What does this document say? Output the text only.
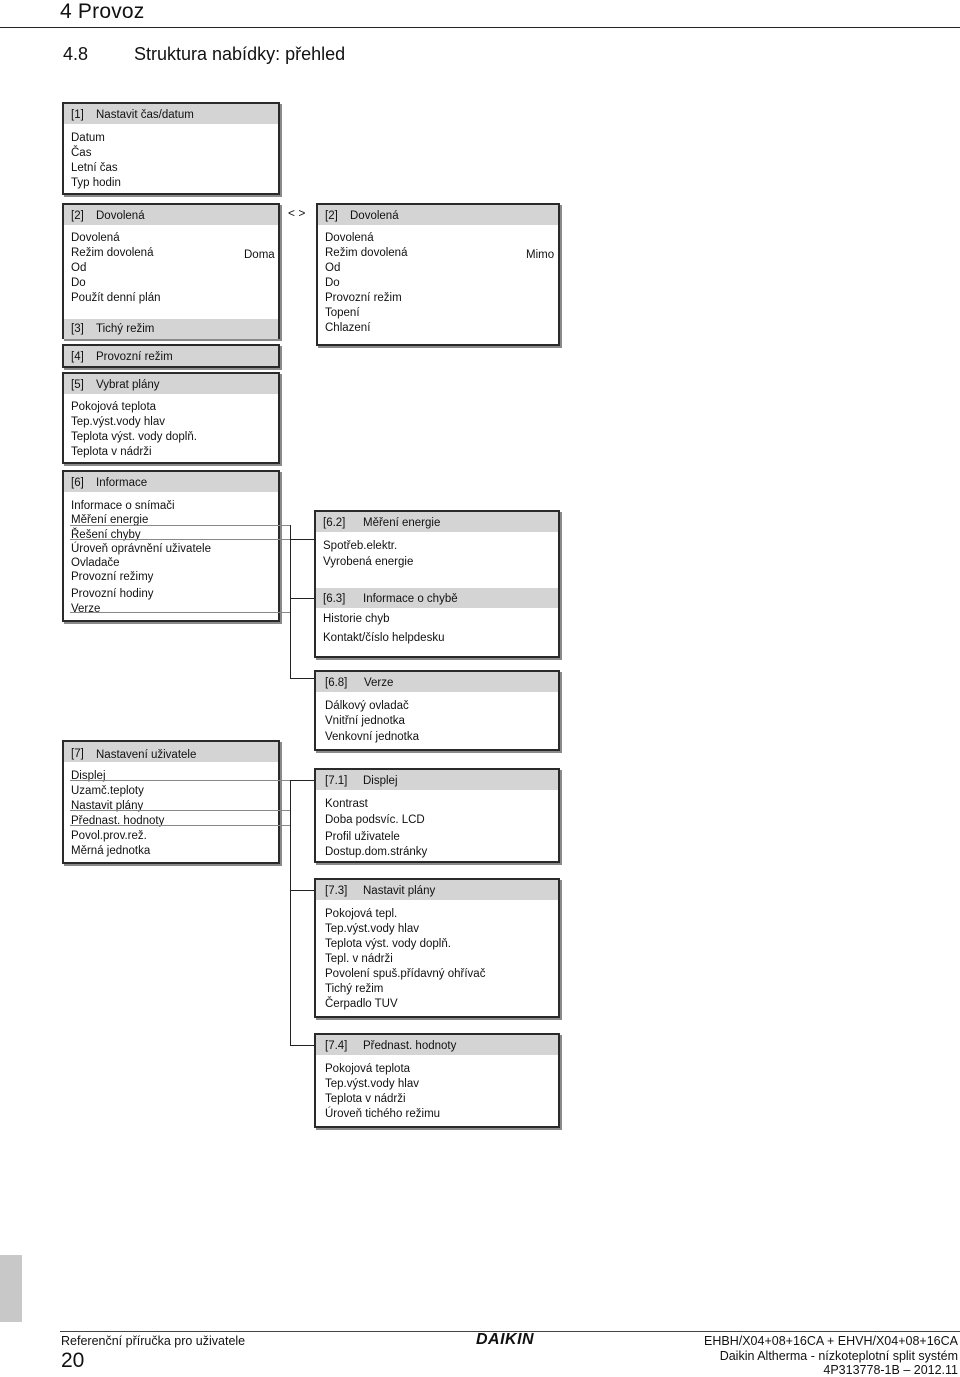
4 Provoz
4.8	Struktura nabídky: přehled
[1] Nastavit čas/datum
Datum
Čas
Letní čas
Typ hodin
[2] Dovolená
Dovolená
Režim dovolená
Od
Do
Použít denní plán
Doma
[3] Tichý režim
< > [2] Dovolená
Dovolená
Režim dovolená
Od
Do
Provozní režim
Topení
Chlazení
Mimo
[4] Provozní režim
[5] Vybrat plány
Pokojová teplota
Tep.výst.vody hlav
Teplota výst. vody doplň.
Teplota v nádrži
[6] Informace
Informace o snímači
Měření energie
Řešení chyby
Úroveň oprávnění uživatele
Ovladače
Provozní režimy
Provozní hodiny
Verze
[6.2] Měření energie
Spotřeb.elektr.
Vyrobená energie
[6.3] Informace o chybě
Historie chyb
Kontakt/číslo helpdesku
[6.8] Verze
Dálkový ovladač
Vnitřní jednotka
Venkovní jednotka
[7] Nastavení uživatele
Displej
Uzamč.teploty
Nastavit plány
Přednast. hodnoty
Povol.prov.rež.
Měrná jednotka
[7.1] Displej
Kontrast
Doba podsvíc. LCD
Profil uživatele
Dostup.dom.stránky
[7.3] Nastavit plány
Pokojová tepl.
Tep.výst.vody hlav
Teplota výst. vody doplň.
Tepl. v nádrži
Povolení spuš.přídavný ohřívač
Tichý režim
Čerpadlo TUV
[7.4] Přednast. hodnoty
Pokojová teplota
Tep.výst.vody hlav
Teplota v nádrži
Úroveň tichého režimu
Referenční příručka pro uživatele
20
DAIKIN	EHBH/X04+08+16CA + EHVH/X04+08+16CA
Daikin Altherma - nízkoteplotní split systém
4P313778-1B – 2012.11
